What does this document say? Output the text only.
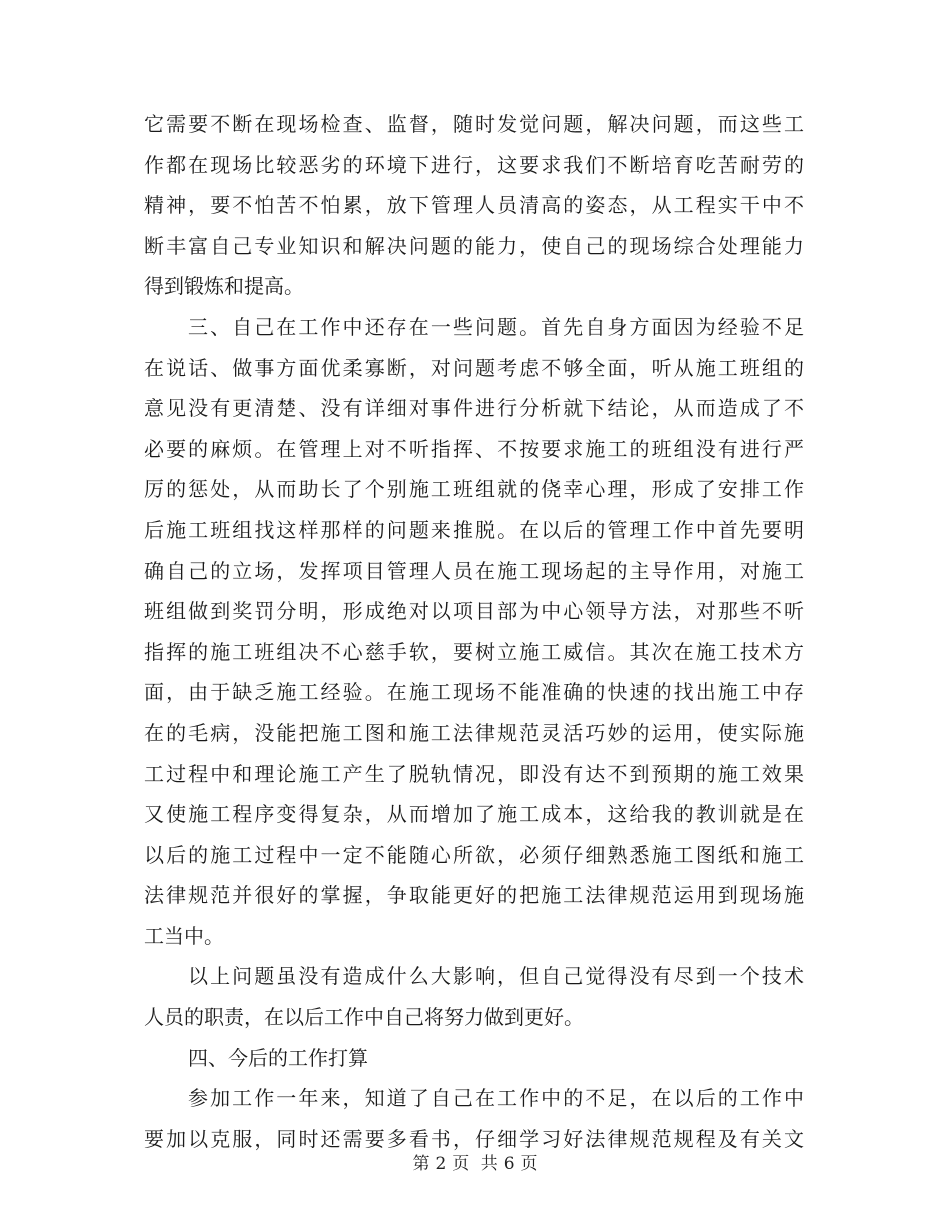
它需要不断在现场检查、监督，随时发觉问题，解决问题，而这些工
作都在现场比较恶劣的环境下进行，这要求我们不断培育吃苦耐劳的
精神，要不怕苦不怕累，放下管理人员清高的姿态，从工程实干中不
断丰富自己专业知识和解决问题的能力，使自己的现场综合处理能力
得到锻炼和提高。
三、自己在工作中还存在一些问题。首先自身方面因为经验不足
在说话、做事方面优柔寡断，对问题考虑不够全面，听从施工班组的
意见没有更清楚、没有详细对事件进行分析就下结论，从而造成了不
必要的麻烦。在管理上对不听指挥、不按要求施工的班组没有进行严
厉的惩处，从而助长了个别施工班组就的侥幸心理，形成了安排工作
后施工班组找这样那样的问题来推脱。在以后的管理工作中首先要明
确自己的立场，发挥项目管理人员在施工现场起的主导作用，对施工
班组做到奖罚分明，形成绝对以项目部为中心领导方法，对那些不听
指挥的施工班组决不心慈手软，要树立施工威信。其次在施工技术方
面，由于缺乏施工经验。在施工现场不能准确的快速的找出施工中存
在的毛病，没能把施工图和施工法律规范灵活巧妙的运用，使实际施
工过程中和理论施工产生了脱轨情况，即没有达不到预期的施工效果
又使施工程序变得复杂，从而增加了施工成本，这给我的教训就是在
以后的施工过程中一定不能随心所欲，必须仔细熟悉施工图纸和施工
法律规范并很好的掌握，争取能更好的把施工法律规范运用到现场施
工当中。
以上问题虽没有造成什么大影响，但自己觉得没有尽到一个技术
人员的职责，在以后工作中自己将努力做到更好。
四、今后的工作打算
参加工作一年来，知道了自己在工作中的不足，在以后的工作中
要加以克服，同时还需要多看书，仔细学习好法律规范规程及有关文
第 2 页 共 6 页
